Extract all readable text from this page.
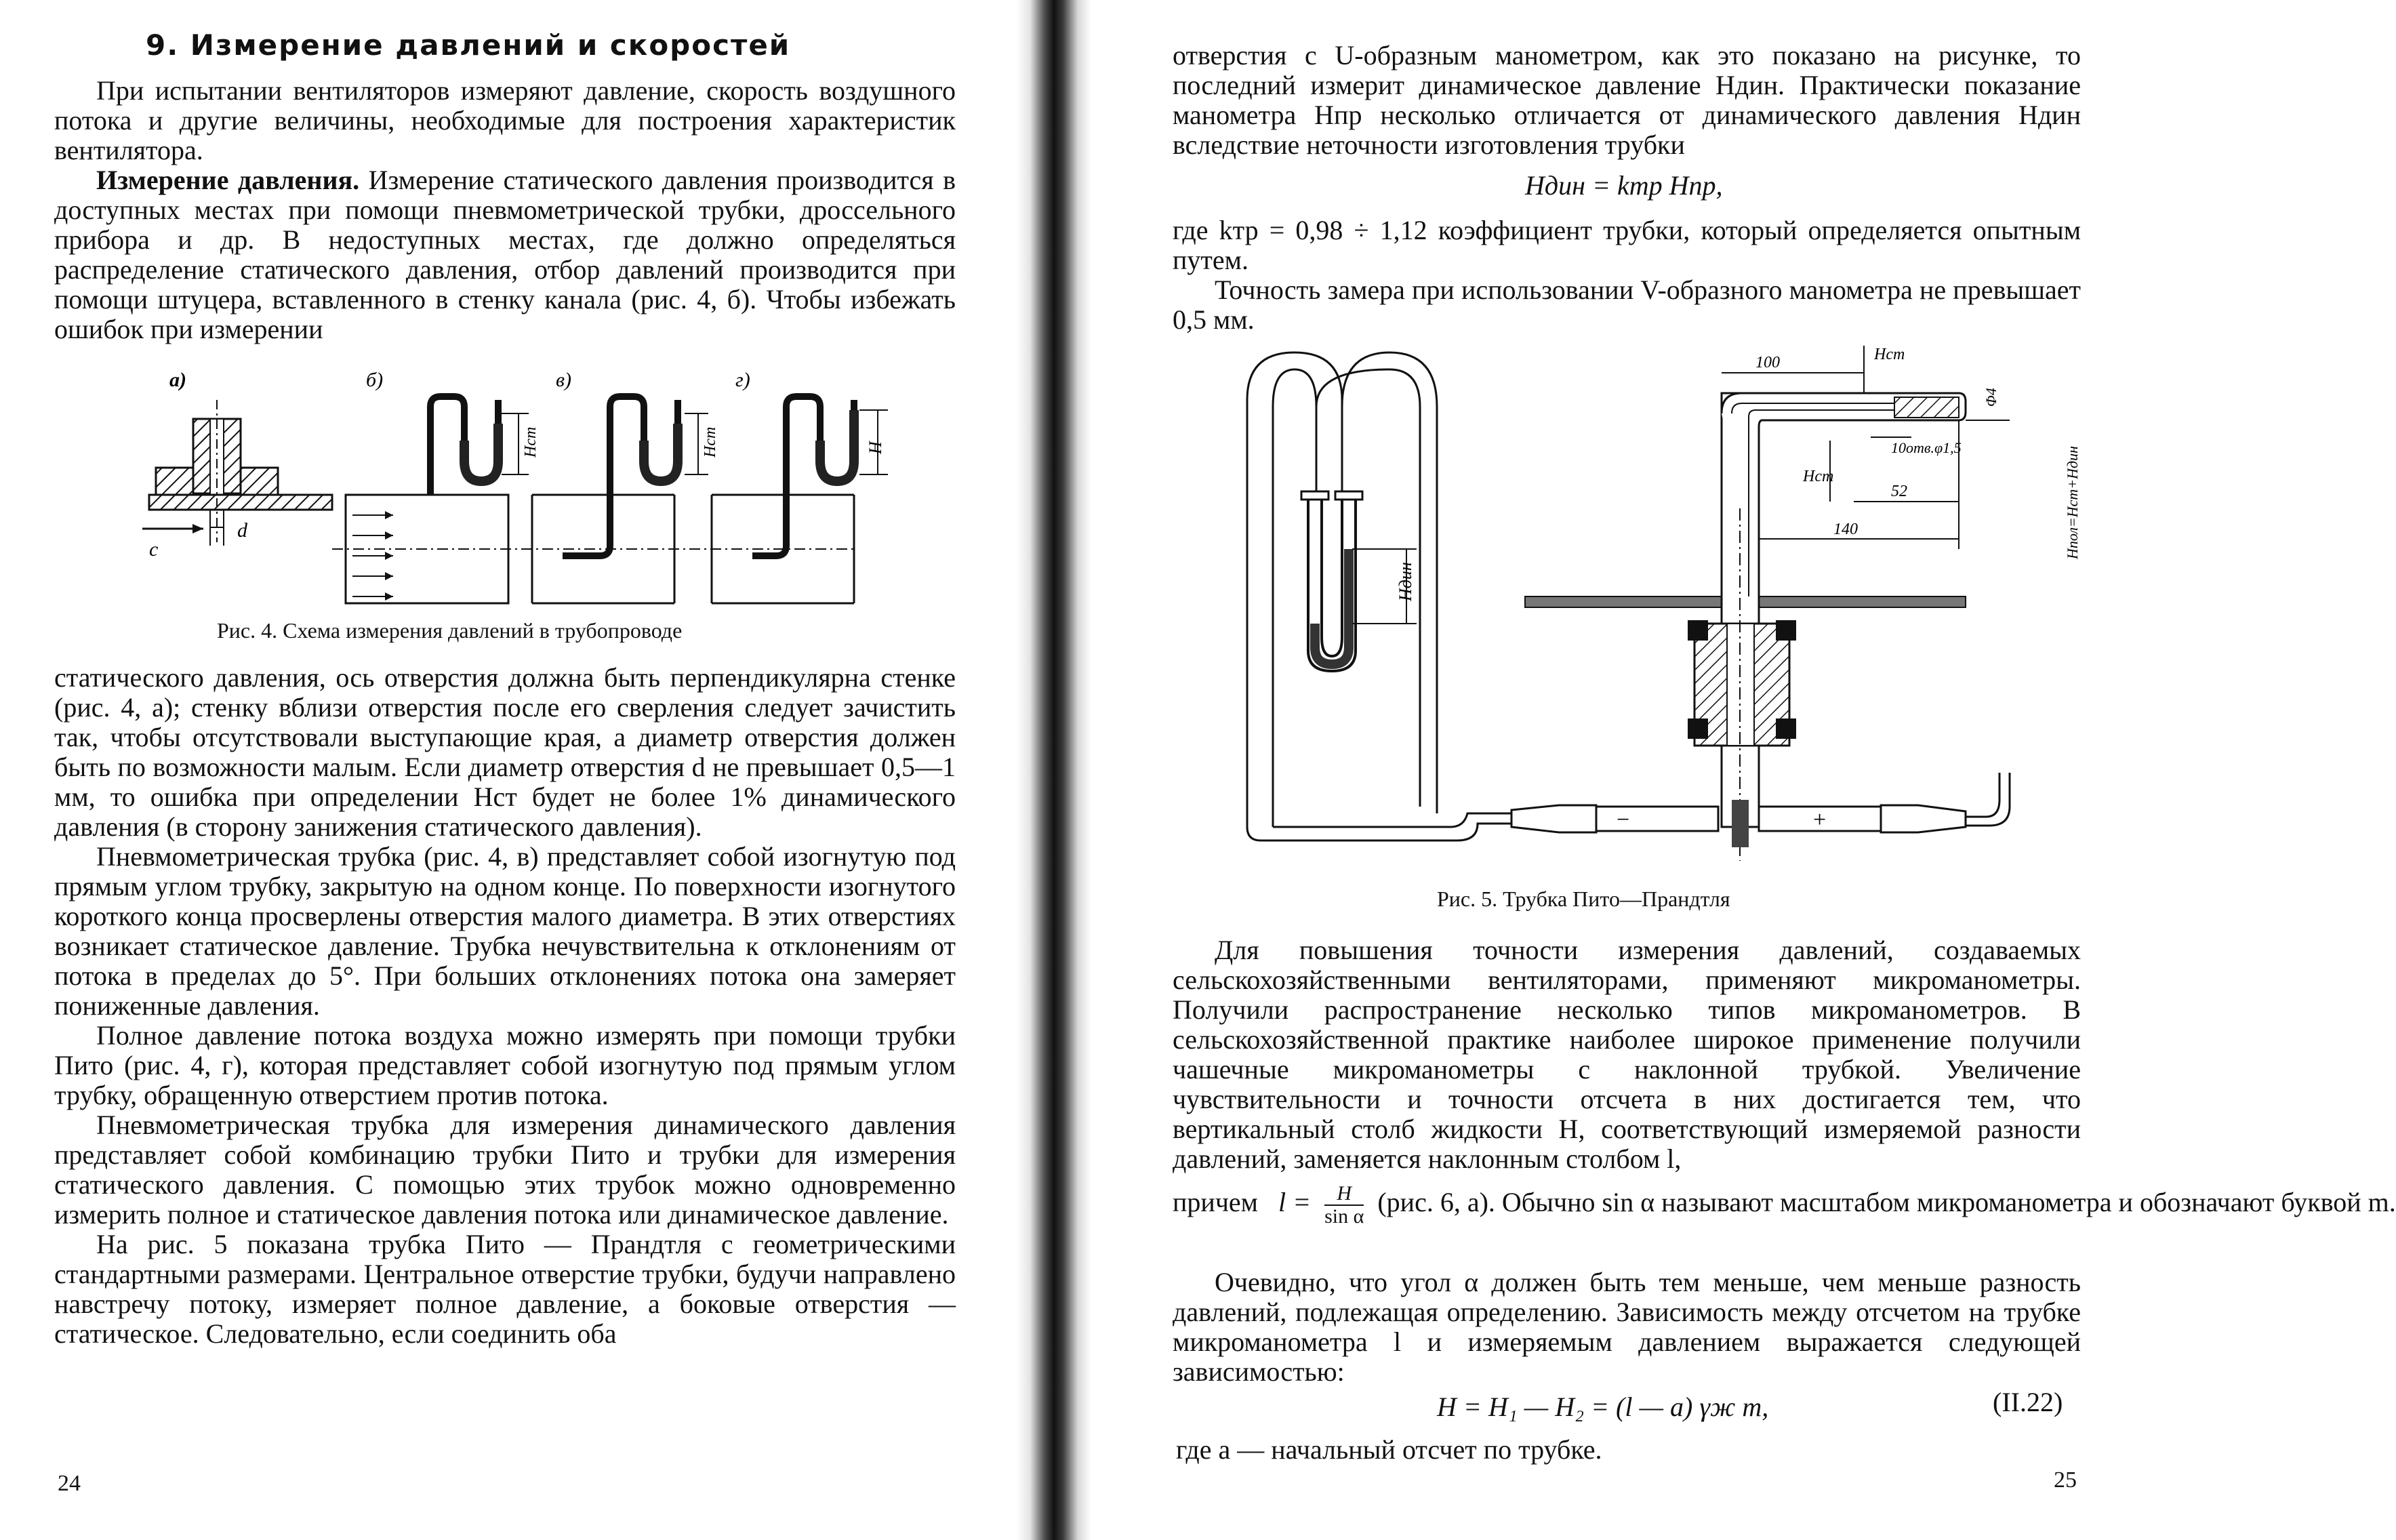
9. Измерение давлений и скоростей

При испытании вентиляторов измеряют давление, скорость воздушного потока и другие величины, необходимые для построения характеристик вентилятора.

Измерение давления. Измерение статического давления производится в доступных местах при помощи пневмометрической трубки, дроссельного прибора и др. В недоступных местах, где должно определяться распределение статического давления, отбор давлений производится при помощи штуцера, вставленного в стенку канала (рис. 4, б). Чтобы избежать ошибок при измерении

а)	б)	в)	г)
c
d
Hст	Hст	H
Рис. 4. Схема измерения давлений в трубопроводе

статического давления, ось отверстия должна быть перпендикулярна стенке (рис. 4, а); стенку вблизи отверстия после его сверления следует зачистить так, чтобы отсутствовали выступающие края, а диаметр отверстия должен быть по возможности малым. Если диаметр отверстия d не превышает 0,5—1 мм, то ошибка при определении Hст будет не более 1% динамического давления (в сторону занижения статического давления).

Пневмометрическая трубка (рис. 4, в) представляет собой изогнутую под прямым углом трубку, закрытую на одном конце. По поверхности изогнутого короткого конца просверлены отверстия малого диаметра. В этих отверстиях возникает статическое давление. Трубка нечувствительна к отклонениям от потока в пределах до 5°. При больших отклонениях потока она замеряет пониженные давления.

Полное давление потока воздуха можно измерять при помощи трубки Пито (рис. 4, г), которая представляет собой изогнутую под прямым углом трубку, обращенную отверстием против потока.

Пневмометрическая трубка для измерения динамического давления представляет собой комбинацию трубки Пито и трубки для измерения статического давления. С помощью этих трубок можно одновременно измерить полное и статическое давления потока или динамическое давление.

На рис. 5 показана трубка Пито — Прандтля с геометрическими стандартными размерами. Центральное отверстие трубки, будучи направлено навстречу потоку, измеряет полное давление, а боковые отверстия — статическое. Следовательно, если соединить оба

24

отверстия с U-образным манометром, как это показано на рисунке, то последний измерит динамическое давление Hдин. Практически показание манометра Hпр несколько отличается от динамического давления Hдин вследствие неточности изготовления трубки

Hдин = kтр Hпр,

где kтр = 0,98 ÷ 1,12 коэффициент трубки, который определяется опытным путем.

Точность замера при использовании V-образного манометра не превышает 0,5 мм.

Hдин
−	+
100	Hст
Φ4
10отв.φ1,5
Hст
52
140	Hпол=Hст+Hдин
Рис. 5. Трубка Пито—Прандтля

Для повышения точности измерения давлений, создаваемых сельскохозяйственными вентиляторами, применяют микроманометры. Получили распространение несколько типов микроманометров. В сельскохозяйственной практике наиболее широкое применение получили чашечные микроманометры с наклонной трубкой. Увеличение чувствительности и точности отсчета в них достигается тем, что вертикальный столб жидкости H, соответствующий измеряемой разности давлений, заменяется наклонным столбом l,

причем $l = \frac{H}{\text{sin α}} (рис$. 6, а). Обычно sin α называют масштабом микроманометра и обозначают буквой m.

Очевидно, что угол α должен быть тем меньше, чем меньше разность давлений, подлежащая определению. Зависимость между отсчетом на трубке микроманометра l и измеряемым давлением выражается следующей зависимостью:

H = H₁ — H₂ = (l — a) γж m,	(II.22)
где a — начальный отсчет по трубке.
25
